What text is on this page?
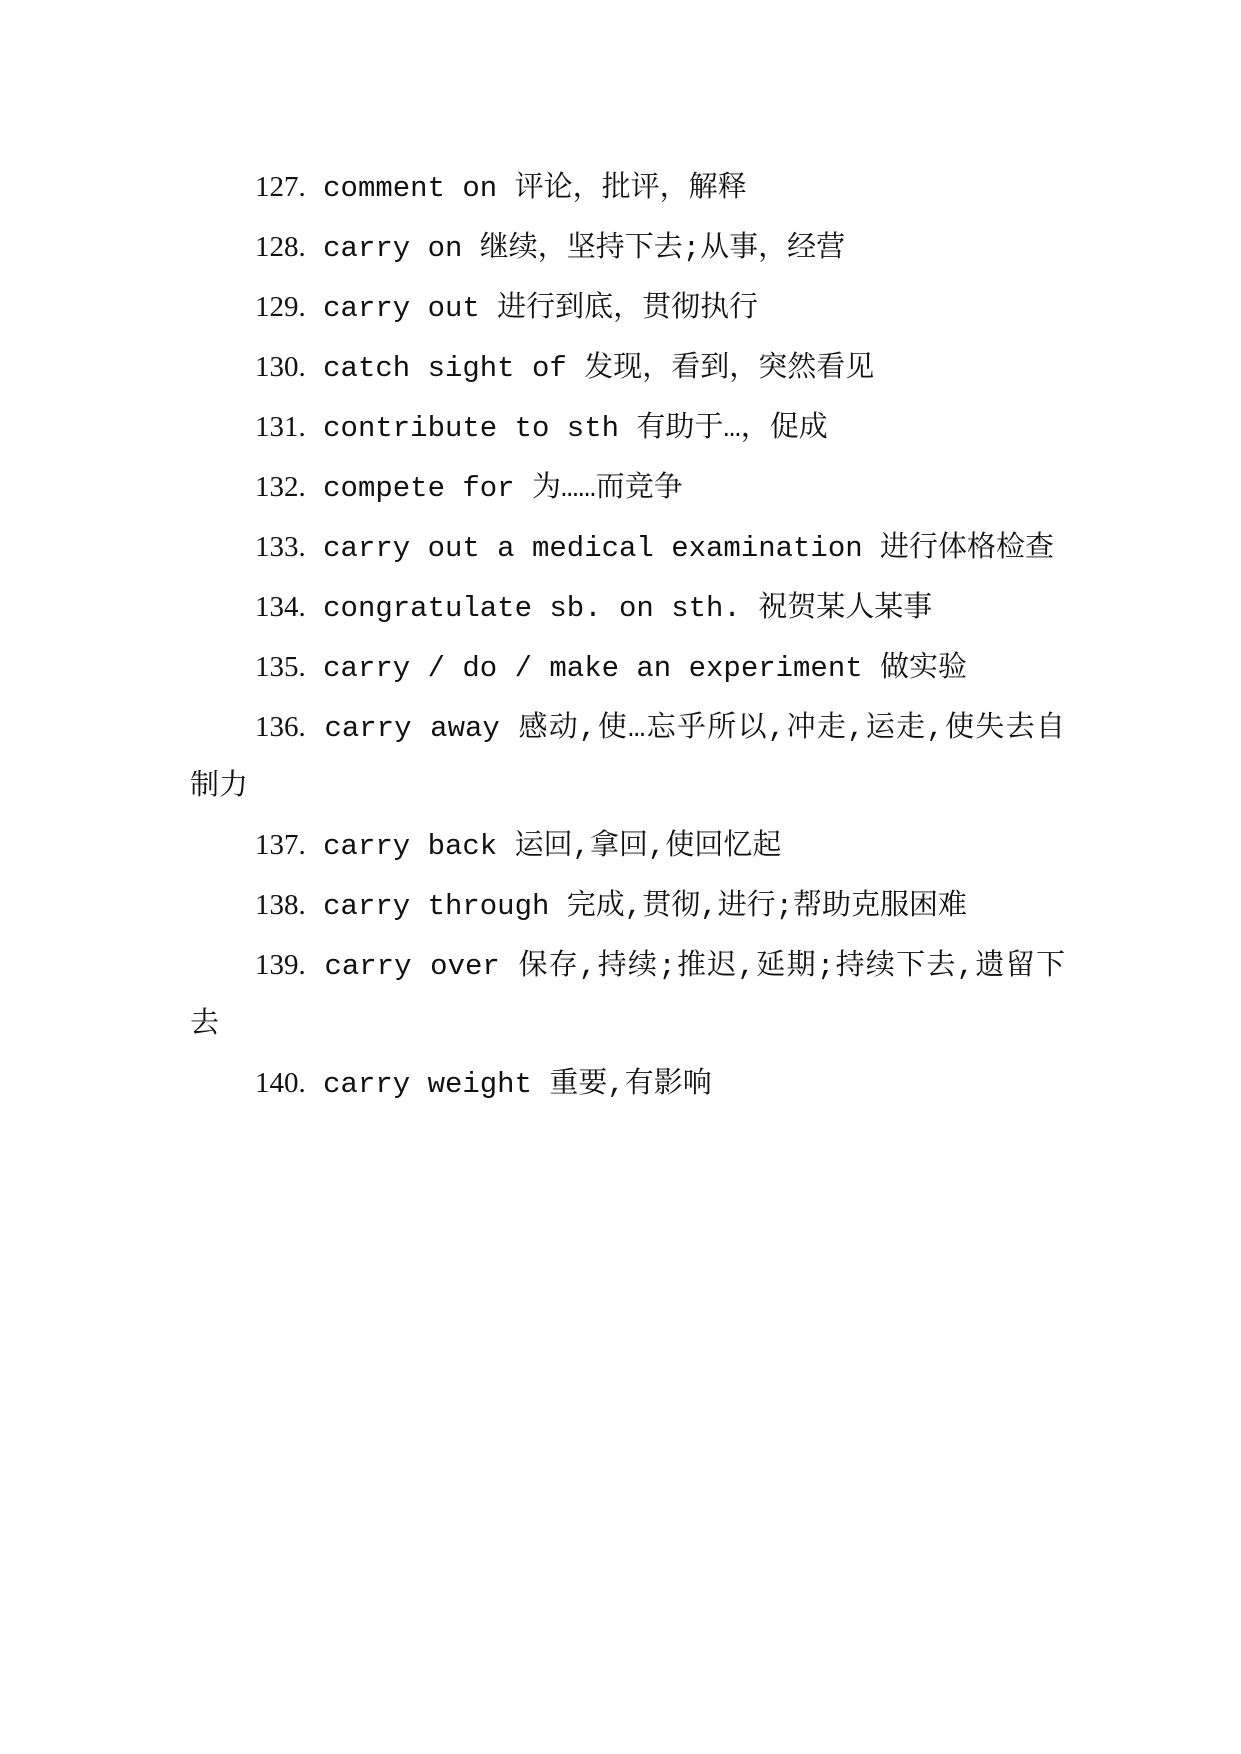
127. comment on 评论，批评，解释

128. carry on 继续，坚持下去;从事，经营

129. carry out 进行到底，贯彻执行

130. catch sight of 发现，看到，突然看见

131. contribute to sth 有助于…，促成

132. compete for 为……而竞争

133. carry out a medical examination 进行体格检查

134. congratulate sb. on sth. 祝贺某人某事

135. carry / do / make an experiment 做实验

136. carry away 感动,使…忘乎所以,冲走,运走,使失去自制力

137. carry back 运回,拿回,使回忆起

138. carry through 完成,贯彻,进行;帮助克服困难

139. carry over 保存,持续;推迟,延期;持续下去,遗留下去

140. carry weight 重要,有影响
